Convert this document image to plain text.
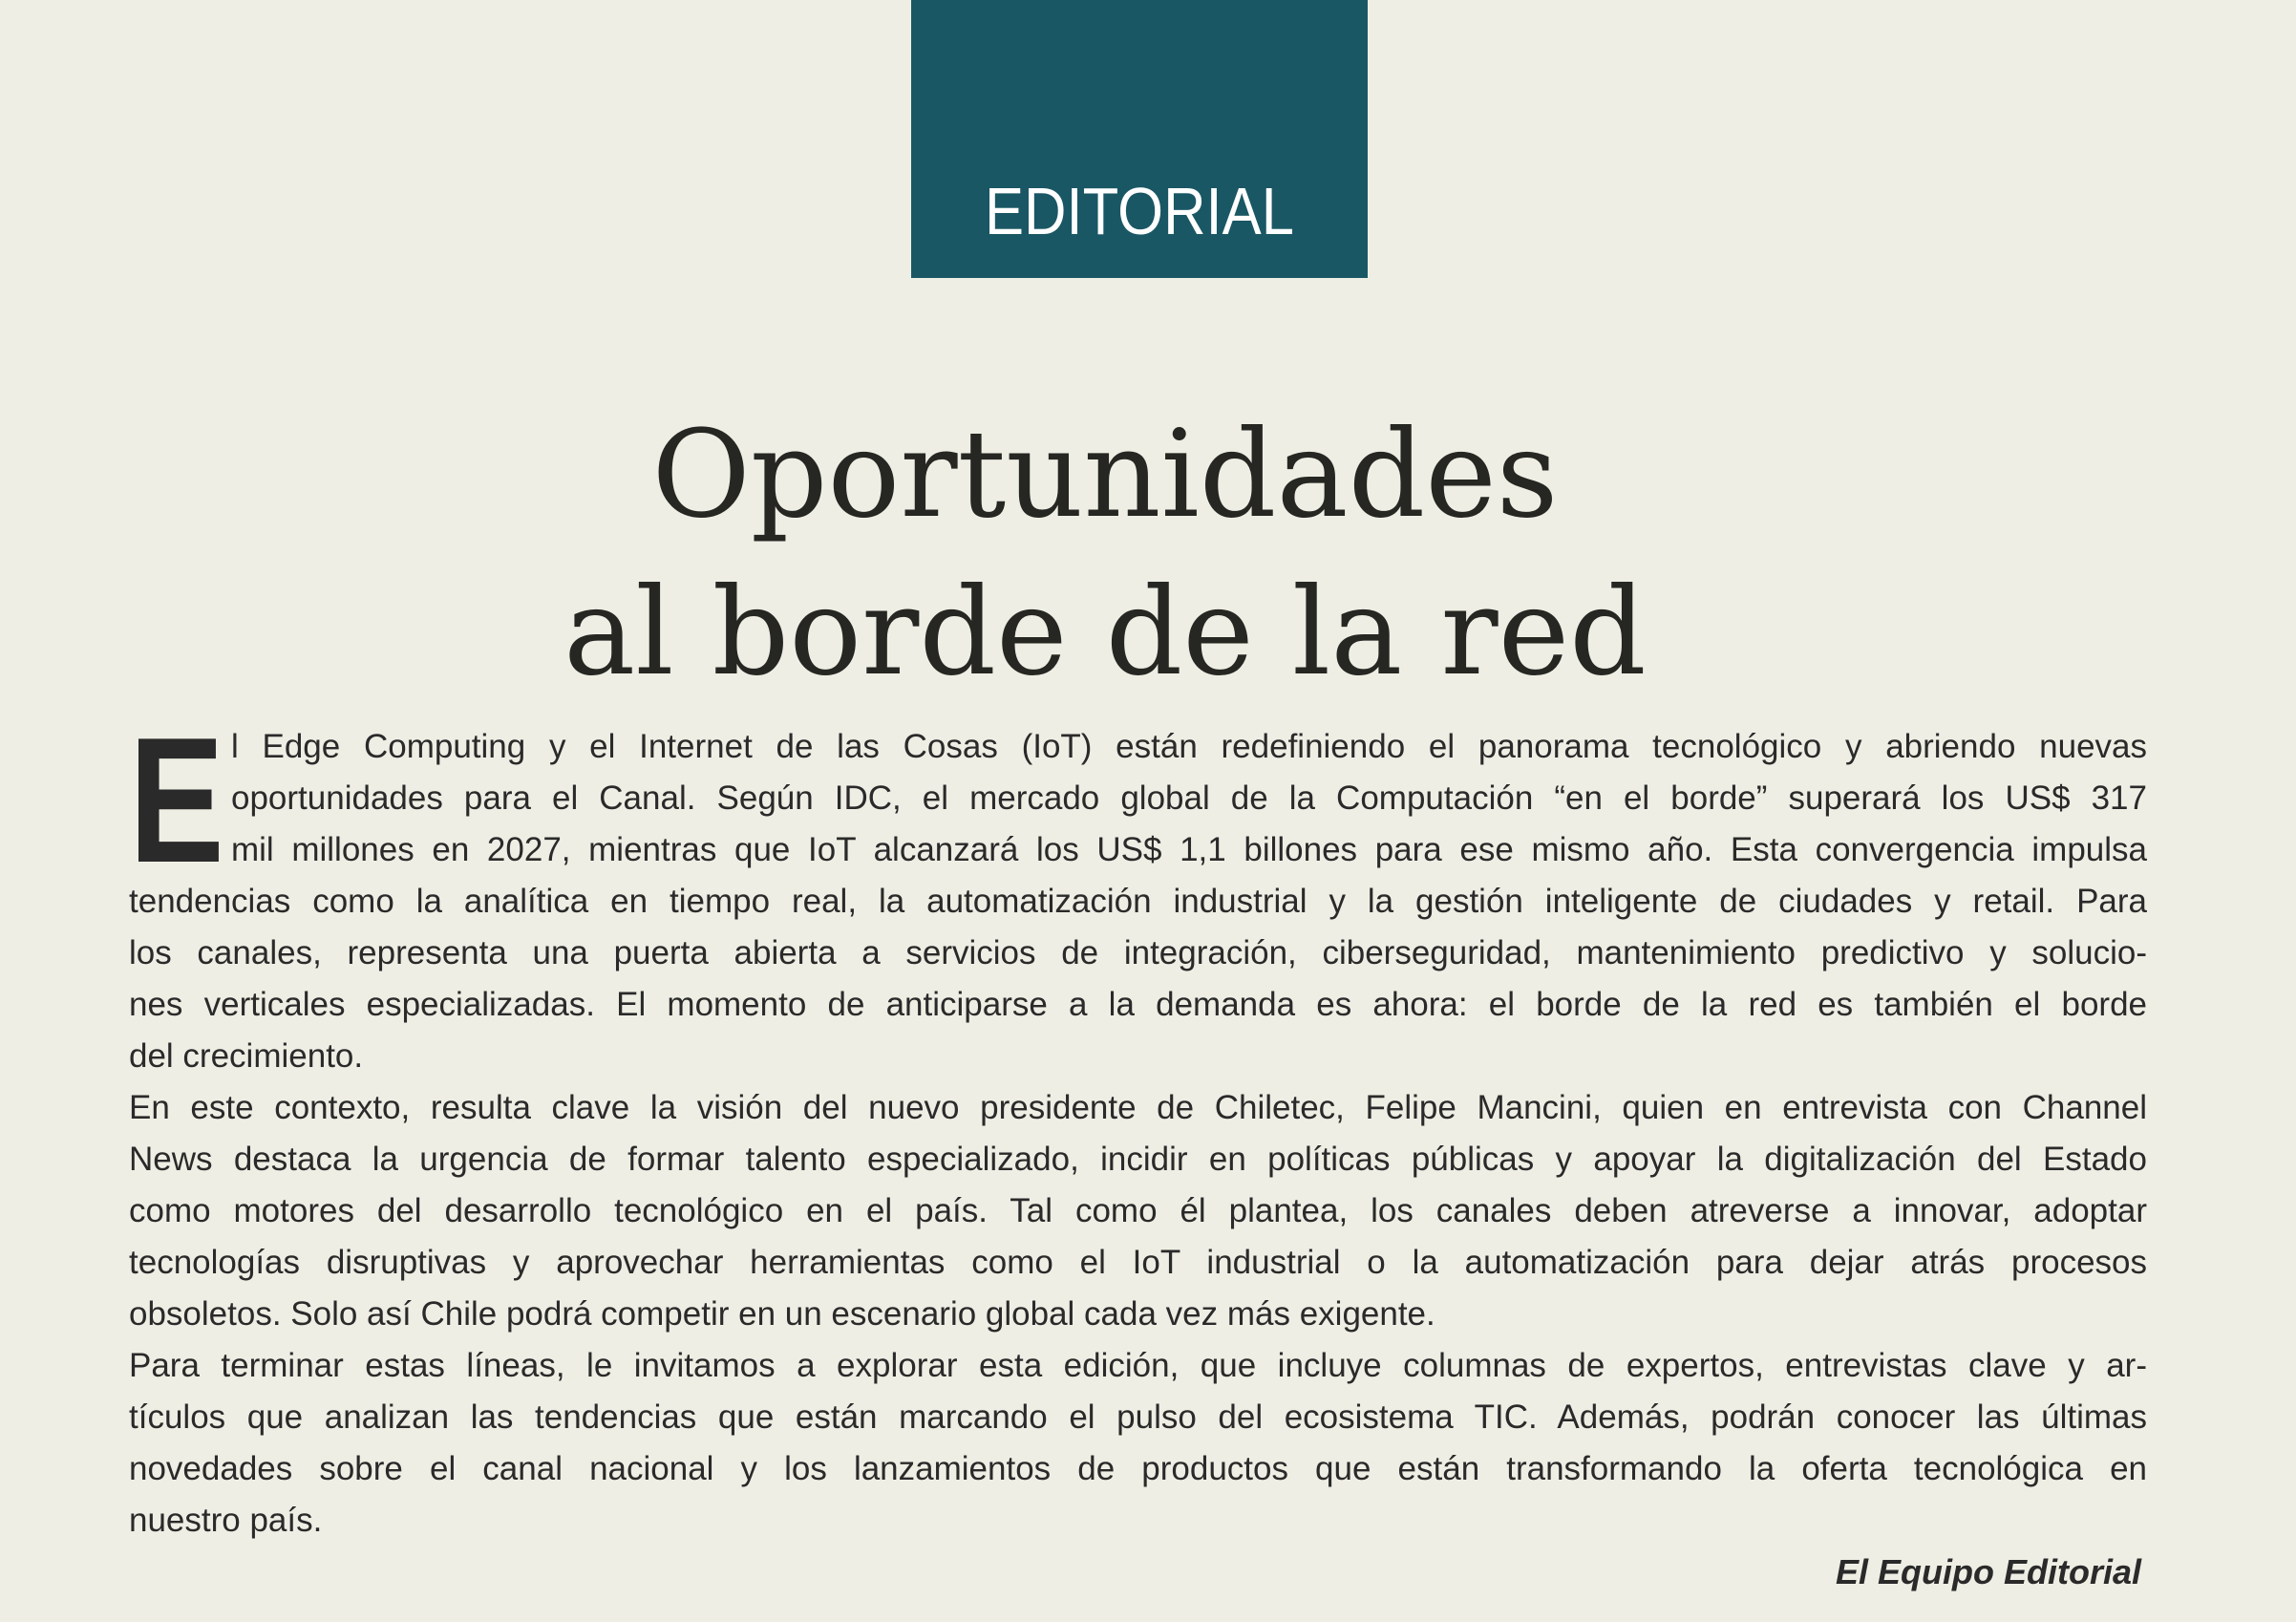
EDITORIAL
Oportunidades
al borde de la red
E l Edge Computing y el Internet de las Cosas (IoT) están redefiniendo el panorama tecnológico y abriendo nuevas
oportunidades para el Canal. Según IDC, el mercado global de la Computación “en el borde” superará los US$ 317
mil millones en 2027, mientras que IoT alcanzará los US$ 1,1 billones para ese mismo año. Esta convergencia impulsa
tendencias como la analítica en tiempo real, la automatización industrial y la gestión inteligente de ciudades y retail. Para
los canales, representa una puerta abierta a servicios de integración, ciberseguridad, mantenimiento predictivo y solucio-
nes verticales especializadas. El momento de anticiparse a la demanda es ahora: el borde de la red es también el borde
del crecimiento.
En este contexto, resulta clave la visión del nuevo presidente de Chiletec, Felipe Mancini, quien en entrevista con Channel
News destaca la urgencia de formar talento especializado, incidir en políticas públicas y apoyar la digitalización del Estado
como motores del desarrollo tecnológico en el país. Tal como él plantea, los canales deben atreverse a innovar, adoptar
tecnologías disruptivas y aprovechar herramientas como el IoT industrial o la automatización para dejar atrás procesos
obsoletos. Solo así Chile podrá competir en un escenario global cada vez más exigente.
Para terminar estas líneas, le invitamos a explorar esta edición, que incluye columnas de expertos, entrevistas clave y ar-
tículos que analizan las tendencias que están marcando el pulso del ecosistema TIC. Además, podrán conocer las últimas
novedades sobre el canal nacional y los lanzamientos de productos que están transformando la oferta tecnológica en
nuestro país.
El Equipo Editorial
